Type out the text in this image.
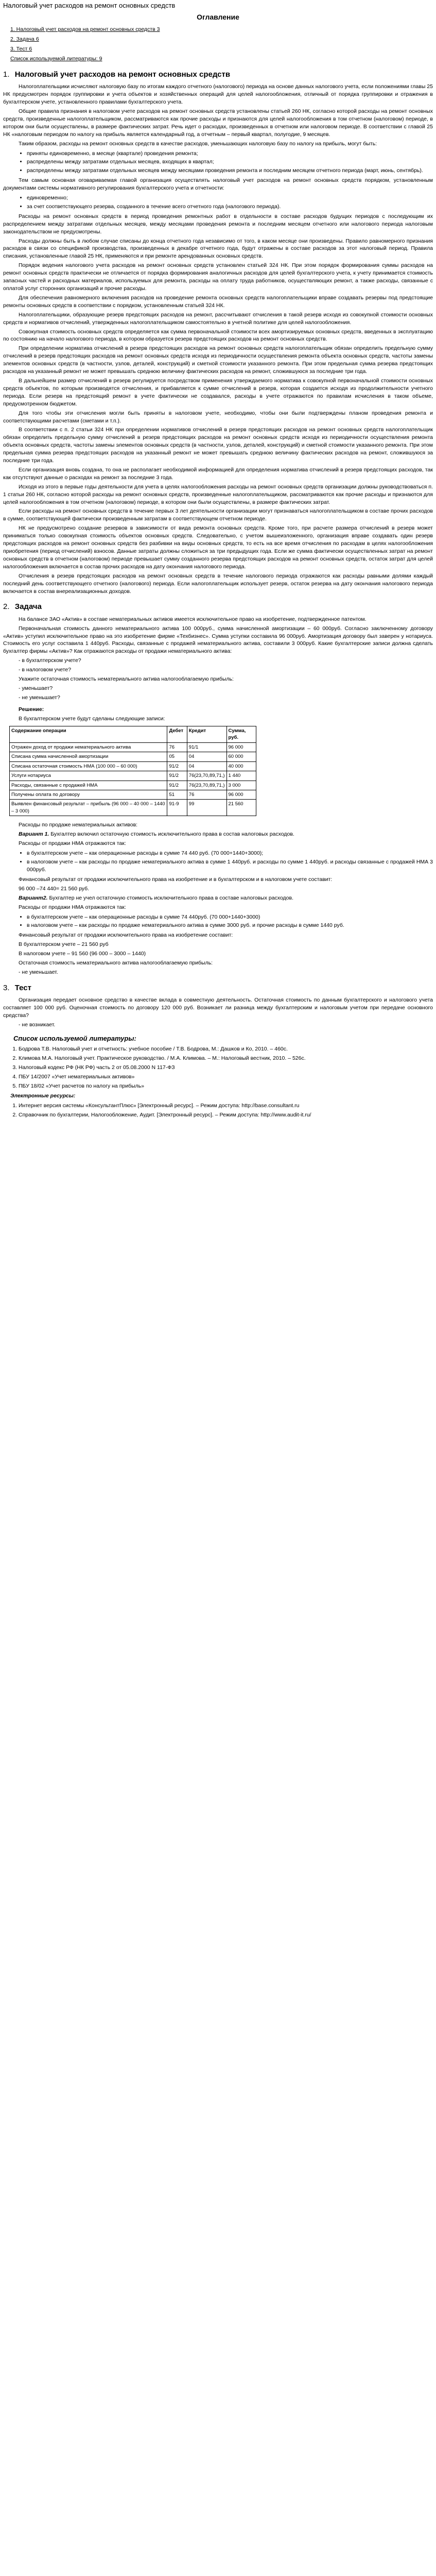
Налоговый учет расходов на ремонт основных средств
Оглавление
1. Налоговый учет расходов на ремонт основных средств 3
2. Задача 6
3. Тест 6
Список используемой литературы: 9
1. Налоговый учет расходов на ремонт основных средств

Налогоплательщики исчисляют налоговую базу по итогам каждого отчетного (налогового) периода на основе данных налогового учета, если положениями главы 25 НК предусмотрен порядок группировки и учета объектов и хозяйственных операций для целей налогообложения, отличный от порядка группировки и отражения в бухгалтерском учете, установленного правилами бухгалтерского учета.

Общие правила признания в налоговом учете расходов на ремонт основных средств установлены статьей 260 НК, согласно которой расходы на ремонт основных средств, произведенные налогоплательщиком, рассматриваются как прочие расходы и признаются для целей налогообложения в том отчетном (налоговом) периоде, в котором они были осуществлены, в размере фактических затрат. Речь идет о расходах, произведенных в отчетном или налоговом периоде. В соответствии с главой 25 НК «налоговым периодом по налогу на прибыль является календарный год, а отчетным – первый квартал, полугодие, 9 месяцев.

Таким образом, расходы на ремонт основных средств в качестве расходов, уменьшающих налоговую базу по налогу на прибыль, могут быть:

• приняты единовременно, в месяце (квартале) проведения ремонта;
• распределены между затратами отдельных месяцев, входящих в квартал;
• распределены между затратами отдельных месяцев между месяцами проведения ремонта и последним месяцем отчетного периода (март, июнь, сентябрь).

Тем самым основная оговариваемая главой организация осуществлять налоговый учет расходов на ремонт основных средств порядком, установленным документами системы нормативного регулирования бухгалтерского учета и отчетности:

• единовременно;
• за счет соответствующего резерва, созданного в течение всего отчетного года (налогового периода).

Расходы на ремонт основных средств в период проведения ремонтных работ в отдельности в составе расходов будущих периодов с последующим их распределением между затратами отдельных месяцев, между месяцами проведения ремонта и последним месяцем отчетного или налогового периода налоговым законодательством не предусмотрены.

Расходы должны быть в любом случае списаны до конца отчетного года независимо от того, в каком месяце они произведены. Правило равномерного признания расходов в связи со спецификой производства, произведенных в декабре отчетного года, будут отражены в составе расходов за этот налоговый период. Правила списания, установленные главой 25 НК, применяются и при ремонте арендованных основных средств.

Порядок ведения налогового учета расходов на ремонт основных средств установлен статьей 324 НК. При этом порядок формирования суммы расходов на ремонт основных средств практически не отличается от порядка формирования аналогичных расходов для целей бухгалтерского учета, к учету принимается стоимость запасных частей и расходных материалов, используемых для ремонта, расходы на оплату труда работников, осуществляющих ремонт, а также расходы, связанные с оплатой услуг сторонних организаций и прочие расходы.

Для обеспечения равномерного включения расходов на проведение ремонта основных средств налогоплательщики вправе создавать резервы под предстоящие ремонты основных средств в соответствии с порядком, установленным статьей 324 НК.

Налогоплательщики, образующие резерв предстоящих расходов на ремонт, рассчитывают отчисления в такой резерв исходя из совокупной стоимости основных средств и нормативов отчислений, утвержденных налогоплательщиком самостоятельно в учетной политике для целей налогообложения.

Совокупная стоимость основных средств определяется как сумма первоначальной стоимости всех амортизируемых основных средств, введенных в эксплуатацию по состоянию на начало налогового периода, в котором образуется резерв предстоящих расходов на ремонт основных средств.

При определении норматива отчислений в резерв предстоящих расходов на ремонт основных средств налогоплательщик обязан определить предельную сумму отчислений в резерв предстоящих расходов на ремонт основных средств исходя из периодичности осуществления ремонта объекта основных средств, частоты замены элементов основных средств (в частности, узлов, деталей, конструкций) и сметной стоимости указанного ремонта. При этом предельная сумма резерва предстоящих расходов на указанный ремонт не может превышать среднюю величину фактических расходов на ремонт, сложившуюся за последние три года.

В дальнейшем размер отчислений в резерв регулируется посредством применения утверждаемого норматива к совокупной первоначальной стоимости основных средств объектов, по которым производятся отчисления, и прибавляется к сумме отчислений в резерв, которая создается исходя из продолжительности учетного периода. Если резерв на предстоящий ремонт в учете фактически не создавался, расходы в учете отражаются по правилам исчисления в таком объеме, предусмотренном бюджетом.

Для того чтобы эти отчисления могли быть приняты в налоговом учете, необходимо, чтобы они были подтверждены планом проведения ремонта и соответствующими расчетами (сметами и т.п.).

В соответствии с п. 2 статьи 324 НК при определении нормативов отчислений в резерв предстоящих расходов на ремонт основных средств налогоплательщик обязан определить предельную сумму отчислений в резерв предстоящих расходов на ремонт основных средств исходя из периодичности осуществления ремонта объекта основных средств, частоты замены элементов основных средств (в частности, узлов, деталей, конструкций) и сметной стоимости указанного ремонта. При этом предельная сумма резерва предстоящих расходов на указанный ремонт не может превышать среднюю величину фактических расходов на ремонт, сложившуюся за последние три года.

Если организация вновь создана, то она не располагает необходимой информацией для определения норматива отчислений в резерв предстоящих расходов, так как отсутствуют данные о расходах на ремонт за последние 3 года.

Исходя из этого в первые годы деятельности для учета в целях налогообложения расходы на ремонт основных средств организации должны руководствоваться п. 1 статьи 260 НК, согласно которой расходы на ремонт основных средств, произведенные налогоплательщиком, рассматриваются как прочие расходы и признаются для целей налогообложения в том отчетном (налоговом) периоде, в котором они были осуществлены, в размере фактических затрат.

Если расходы на ремонт основных средств в течение первых 3 лет деятельности организации могут признаваться налогоплательщиком в составе прочих расходов в сумме, соответствующей фактически произведенным затратам в соответствующем отчетном периоде.

НК не предусмотрено создание резервов в зависимости от вида ремонта основных средств. Кроме того, при расчете размера отчислений в резерв может приниматься только совокупная стоимость объектов основных средств. Следовательно, с учетом вышеизложенного, организация вправе создавать один резерв предстоящих расходов на ремонт основных средств без разбивки на виды основных средств, то есть на все время отчисления по расходам в целях налогообложения приобретения (период отчислений) взносов. Данные затраты должны сложиться за три предыдущих года. Если же сумма фактически осуществленных затрат на ремонт основных средств в отчетном (налоговом) периоде превышает сумму созданного резерва предстоящих расходов на ремонт основных средств, остаток затрат для целей налогообложения включается в состав прочих расходов на дату окончания налогового периода.

Отчисления в резерв предстоящих расходов на ремонт основных средств в течение налогового периода отражаются как расходы равными долями каждый последний день соответствующего отчетного (налогового) периода. Если налогоплательщик использует резерв, остаток резерва на дату окончания налогового периода включается в состав внереализационных доходов.

2. Задача

На балансе ЗАО «Актив» в составе нематериальных активов имеется исключительное право на изобретение, подтвержденное патентом.

Первоначальная стоимость данного нематериального актива 100 000руб., сумма начисленной амортизации – 60 000руб. Согласно заключенному договору «Актив» уступил исключительное право на это изобретение фирме «Техбизнес». Сумма уступки составила 96 000руб. Амортизация договору был заверен у нотариуса. Стоимость его услуг составила 1 440руб. Расходы, связанные с продажей нематериального актива, составили 3 000руб. Какие бухгалтерские записи должна сделать бухгалтер фирмы «Актив»? Как отражаются расходы от продажи нематериального актива:

- в бухгалтерском учете?

- в налоговом учете?

Укажите остаточная стоимость нематериального актива налогооблагаемую прибыль:

- уменьшает?

- не уменьшает?

Решение:

В бухгалтерском учете будут сделаны следующие записи:

Содержание операции	Дебет	Кредит	Сумма, руб.
Отражен доход от продажи нематериального актива	76	91/1	96 000
Списана сумма начисленной амортизации	05	04	60 000
Списана остаточная стоимость НМА (100 000 – 60 000)	91/2	04	40 000
Услуги нотариуса	91/2	76(23,70,89,71,)	1 440
Расходы, связанные с продажей НМА	91/2	76(23,70,89,71,)	3 000
Получены оплата по договору	51	76	96 000
Выявлен финансовый результат – прибыль (96 000 – 40 000 – 1440 – 3 000)	91-9	99	21 560

Расходы по продаже нематериальных активов:

Вариант 1. Бухгалтер включил остаточную стоимость исключительного права в состав налоговых расходов.

Расходы от продажи НМА отражаются так:

• в бухгалтерском учете – как операционные расходы в сумме 74 440 руб. (70 000+1440+3000);
• в налоговом учете – как расходы по продаже нематериального актива в сумме 1 440руб. и расходы по сумме 1 440руб. и расходы связанные с продажей НМА 3 000руб.

Финансовый результат от продажи исключительного права на изобретение и в бухгалтерском и в налоговом учете составит:

96 000 –74 440= 21 560 руб.

Вариант2. Бухгалтер не учел остаточную стоимость исключительного права в составе налоговых расходов.

Расходы от продажи НМА отражаются так:

• в бухгалтерском учете – как операционные расходы в сумме 74 440руб. (70 000+1440+3000)
• в налоговом учете – как расходы по продаже нематериального актива в сумме 3000 руб. и прочие расходы в сумме 1440 руб.

Финансовый результат от продажи исключительного права на изобретение составит:

В бухгалтерском учете – 21 560 руб

В налоговом учете – 91 560 (96 000 – 3000 – 1440)

Остаточная стоимость нематериального актива налогооблагаемую прибыль:

- не уменьшает.

3. Тест

Организация передает основное средство в качестве вклада в совместную деятельность. Остаточная стоимость по данным бухгалтерского и налогового учета составляет 100 000 руб. Оценочная стоимость по договору 120 000 руб. Возникает ли разница между бухгалтерским и налоговым учетом при передаче основного средства?

- не возникает.

Список используемой литературы:
1. Бодрова Т.В. Налоговый учет и отчетность: учебное пособие / Т.В. Бодрова, М.: Дашков и Ко, 2010. – 460с.
2. Климова М.А. Налоговый учет. Практическое руководство. / М.А. Климова. – М.: Налоговый вестник, 2010. – 526с.
3. Налоговый кодекс РФ (НК РФ) часть 2 от 05.08.2000 N 117-ФЗ
4. ПБУ 14/2007 «Учет нематериальных активов»
5. ПБУ 18/02 «Учет расчетов по налогу на прибыль»

Электронные ресурсы:

1. Интернет версия системы «КонсультантПлюс» [Электронный ресурс]. – Режим доступа: http://base.consultant.ru
2. Справочник по бухгалтерии, Налогообложение, Аудит. [Электронный ресурс]. – Режим доступа: http://www.audit-it.ru/
